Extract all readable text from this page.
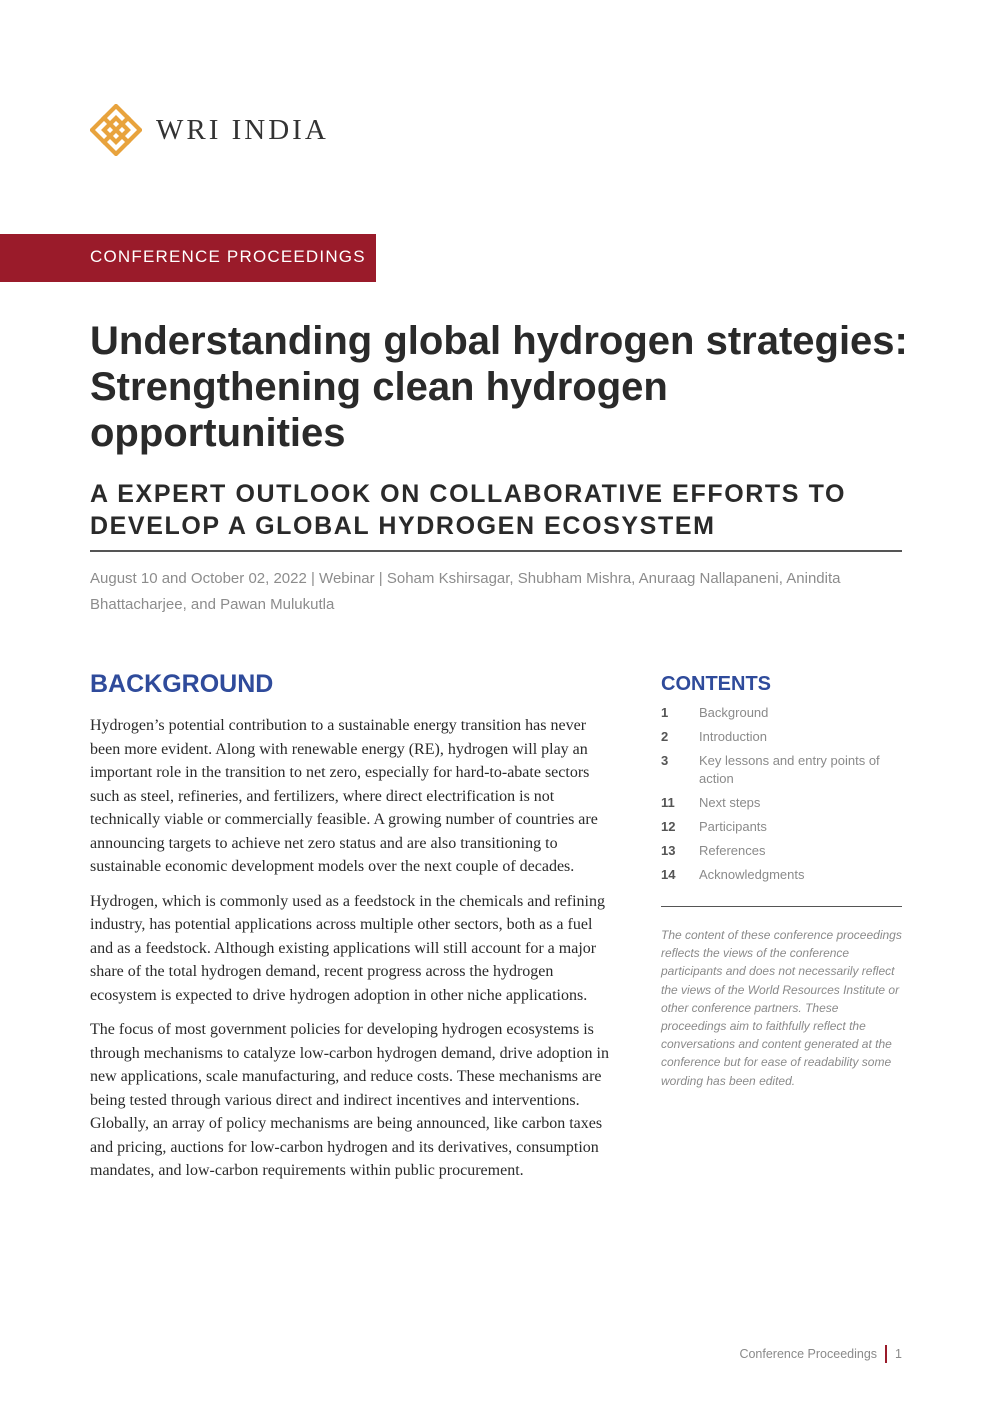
WRI INDIA
CONFERENCE PROCEEDINGS
Understanding global hydrogen strategies: Strengthening clean hydrogen opportunities
A EXPERT OUTLOOK ON COLLABORATIVE EFFORTS TO DEVELOP A GLOBAL HYDROGEN ECOSYSTEM

August 10 and October 02, 2022 | Webinar | Soham Kshirsagar, Shubham Mishra, Anuraag Nallapaneni, Anindita Bhattacharjee, and Pawan Mulukutla

BACKGROUND

Hydrogen’s potential contribution to a sustainable energy transition has never been more evident. Along with renewable energy (RE), hydrogen will play an important role in the transition to net zero, especially for hard-to-abate sectors such as steel, refineries, and fertilizers, where direct electrification is not technically viable or commercially feasible. A growing number of countries are announcing targets to achieve net zero status and are also transitioning to sustainable economic development models over the next couple of decades.

Hydrogen, which is commonly used as a feedstock in the chemicals and refining industry, has potential applications across multiple other sectors, both as a fuel and as a feedstock. Although existing applications will still account for a major share of the total hydrogen demand, recent progress across the hydrogen ecosystem is expected to drive hydrogen adoption in other niche applications.

The focus of most government policies for developing hydrogen ecosystems is through mechanisms to catalyze low-carbon hydrogen demand, drive adoption in new applications, scale manufacturing, and reduce costs. These mechanisms are being tested through various direct and indirect incentives and interventions. Globally, an array of policy mechanisms are being announced, like carbon taxes and pricing, auctions for low-carbon hydrogen and its derivatives, consumption mandates, and low-carbon requirements within public procurement.

CONTENTS
1	Background
2	Introduction
3	Key lessons and entry points of action
11	Next steps
12	Participants
13	References
14	Acknowledgments

The content of these conference proceedings reflects the views of the conference participants and does not necessarily reflect the views of the World Resources Institute or other conference partners. These proceedings aim to faithfully reflect the conversations and content generated at the conference but for ease of readability some wording has been edited.

Conference Proceedings 1
